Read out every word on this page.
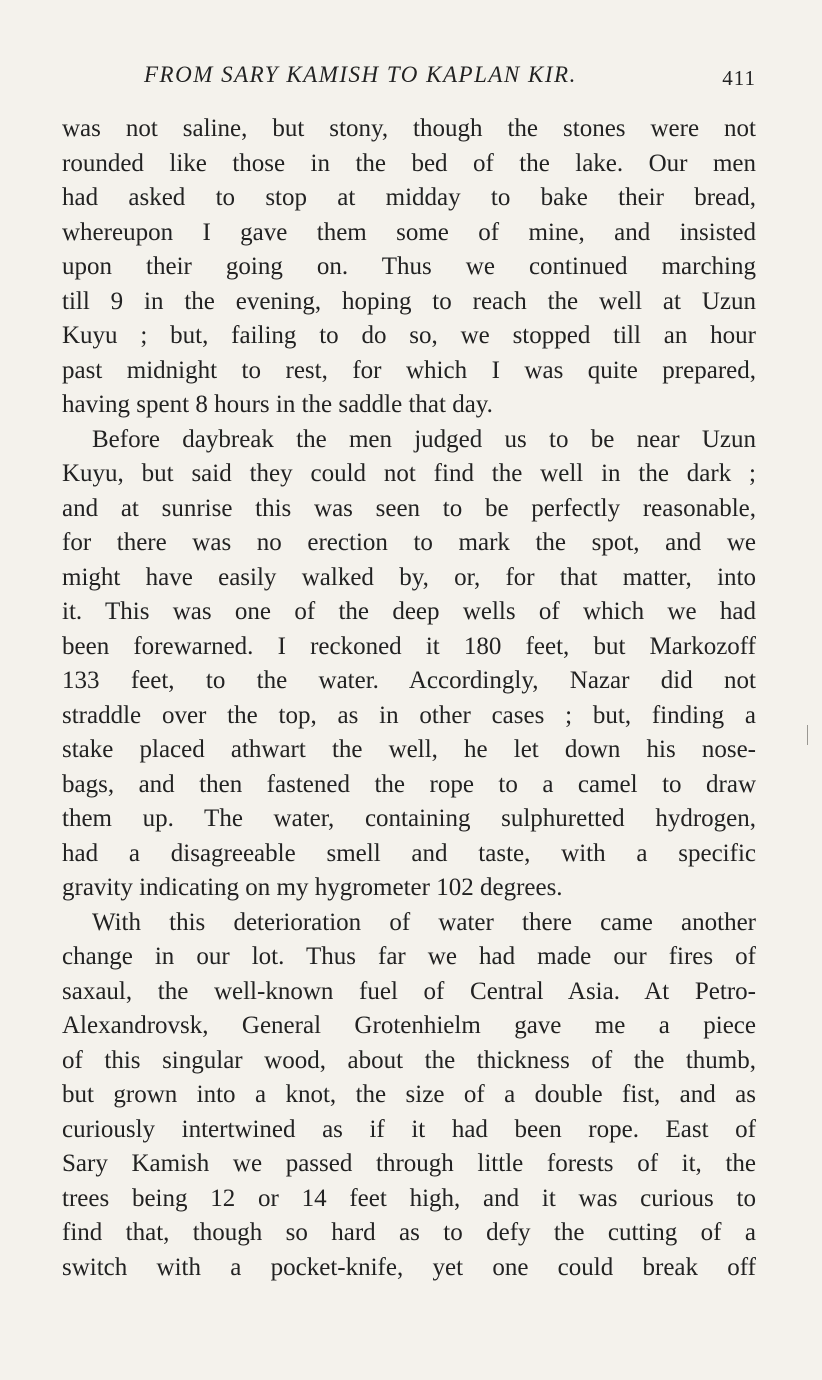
FROM SARY KAMISH TO KAPLAN KIR.	411
was not saline, but stony, though the stones were not
rounded like those in the bed of the lake. Our men
had asked to stop at midday to bake their bread,
whereupon I gave them some of mine, and insisted
upon their going on. Thus we continued marching
till 9 in the evening, hoping to reach the well at Uzun
Kuyu ; but, failing to do so, we stopped till an hour
past midnight to rest, for which I was quite prepared,
having spent 8 hours in the saddle that day.
Before daybreak the men judged us to be near Uzun
Kuyu, but said they could not find the well in the dark ;
and at sunrise this was seen to be perfectly reasonable,
for there was no erection to mark the spot, and we
might have easily walked by, or, for that matter, into
it. This was one of the deep wells of which we had
been forewarned. I reckoned it 180 feet, but Markozoff
133 feet, to the water. Accordingly, Nazar did not
straddle over the top, as in other cases ; but, finding a
stake placed athwart the well, he let down his nose-
bags, and then fastened the rope to a camel to draw
them up. The water, containing sulphuretted hydrogen,
had a disagreeable smell and taste, with a specific
gravity indicating on my hygrometer 102 degrees.
With this deterioration of water there came another
change in our lot. Thus far we had made our fires of
saxaul, the well-known fuel of Central Asia. At Petro-
Alexandrovsk, General Grotenhielm gave me a piece
of this singular wood, about the thickness of the thumb,
but grown into a knot, the size of a double fist, and as
curiously intertwined as if it had been rope. East of
Sary Kamish we passed through little forests of it, the
trees being 12 or 14 feet high, and it was curious to
find that, though so hard as to defy the cutting of a
switch with a pocket-knife, yet one could break off
